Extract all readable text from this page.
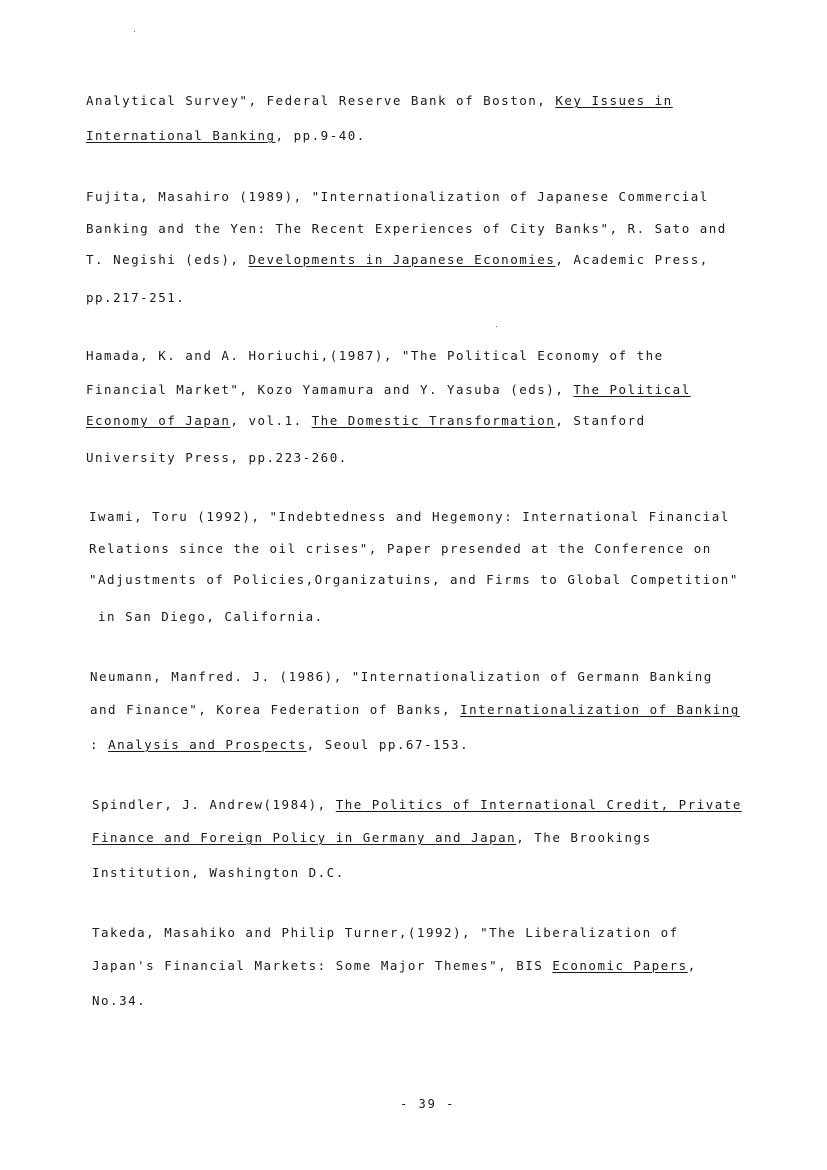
Analytical Survey", Federal Reserve Bank of Boston, Key Issues in
International Banking, pp.9-40.
Fujita, Masahiro (1989), "Internationalization of Japanese Commercial
Banking and the Yen: The Recent Experiences of City Banks", R. Sato and
T. Negishi (eds), Developments in Japanese Economies, Academic Press,
pp.217-251.
Hamada, K. and A. Horiuchi,(1987), "The Political Economy of the
Financial Market", Kozo Yamamura and Y. Yasuba (eds), The Political
Economy of Japan, vol.1. The Domestic Transformation, Stanford
University Press, pp.223-260.
Iwami, Toru (1992), "Indebtedness and Hegemony: International Financial
Relations since the oil crises", Paper presended at the Conference on
"Adjustments of Policies,Organizatuins, and Firms to Global Competition"
in San Diego, California.
Neumann, Manfred. J. (1986), "Internationalization of Germann Banking
and Finance", Korea Federation of Banks, Internationalization of Banking
: Analysis and Prospects, Seoul pp.67-153.
Spindler, J. Andrew(1984), The Politics of International Credit, Private
Finance and Foreign Policy in Germany and Japan, The Brookings
Institution, Washington D.C.
Takeda, Masahiko and Philip Turner,(1992), "The Liberalization of
Japan's Financial Markets: Some Major Themes", BIS Economic Papers,
No.34.
- 39 -
